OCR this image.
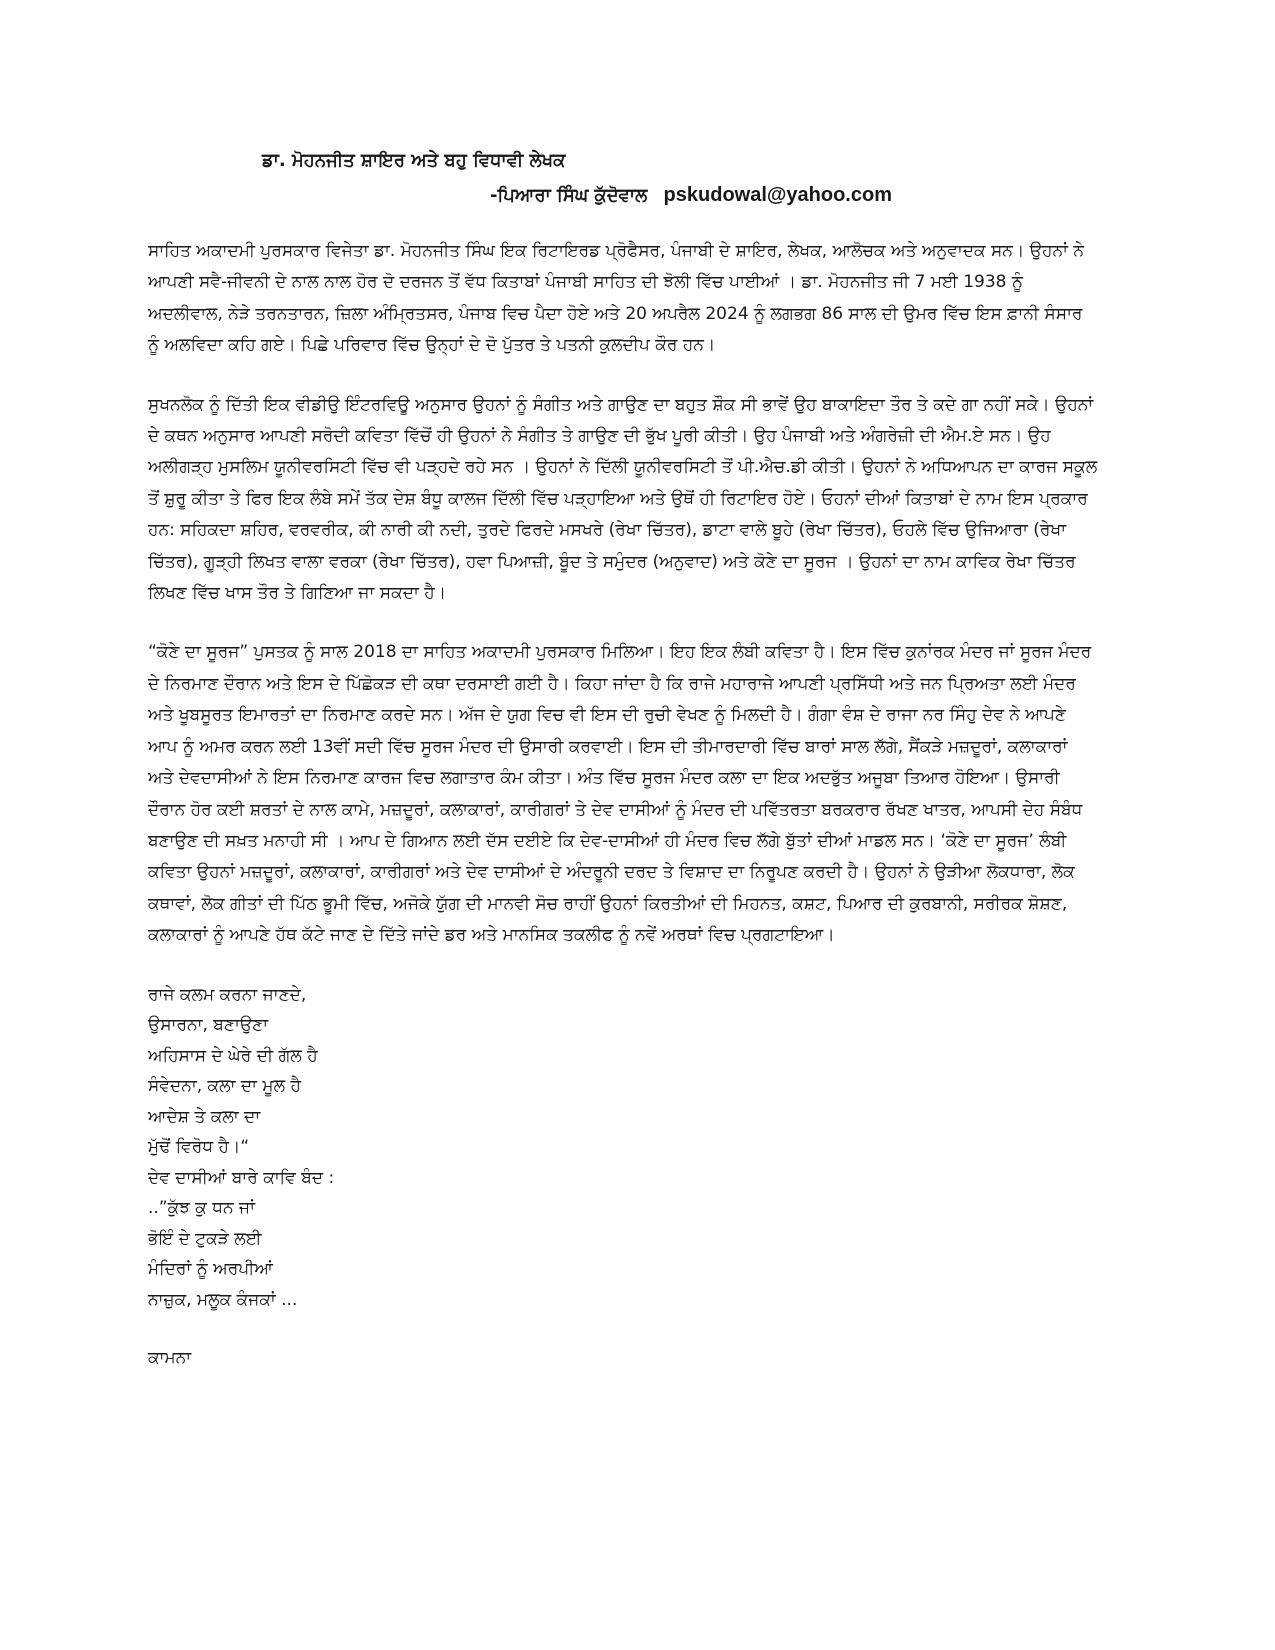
ਡਾ. ਮੋਹਨਜੀਤ ਸ਼ਾਇਰ ਅਤੇ ਬਹੁ ਵਿਧਾਵੀ ਲੇਖਕ
-ਪਿਆਰਾ ਸਿੰਘ ਕੁੱਦੋਵਾਲ pskudowal@yahoo.com

ਸਾਹਿਤ ਅਕਾਦਮੀ ਪੁਰਸਕਾਰ ਵਿਜੇਤਾ ਡਾ. ਮੋਹਨਜੀਤ ਸਿੰਘ ਇਕ ਰਿਟਾਇਰਡ ਪ੍ਰੋਫੈਸਰ, ਪੰਜਾਬੀ ਦੇ ਸ਼ਾਇਰ, ਲੇਖਕ, ਆਲੋਚਕ ਅਤੇ ਅਨੁਵਾਦਕ ਸਨ। ਉਹਨਾਂ ਨੇ ਆਪਣੀ ਸਵੈ-ਜੀਵਨੀ ਦੇ ਨਾਲ ਨਾਲ ਹੋਰ ਦੋ ਦਰਜਨ ਤੋਂ ਵੱਧ ਕਿਤਾਬਾਂ ਪੰਜਾਬੀ ਸਾਹਿਤ ਦੀ ਝੋਲੀ ਵਿੱਚ ਪਾਈਆਂ । ਡਾ. ਮੋਹਨਜੀਤ ਜੀ 7 ਮਈ 1938 ਨੂੰ ਅਦਲੀਵਾਲ, ਨੇੜੇ ਤਰਨਤਾਰਨ, ਜ਼ਿਲਾ ਅੰਮ੍ਰਿਤਸਰ, ਪੰਜਾਬ ਵਿਚ ਪੈਦਾ ਹੋਏ ਅਤੇ 20 ਅਪਰੈਲ 2024 ਨੂੰ ਲਗਭਗ 86 ਸਾਲ ਦੀ ਉਮਰ ਵਿੱਚ ਇਸ ਫ਼ਾਨੀ ਸੰਸਾਰ ਨੂੰ ਅਲਵਿਦਾ ਕਹਿ ਗਏ। ਪਿਛੇ ਪਰਿਵਾਰ ਵਿੱਚ ਉਨ੍ਹਾਂ ਦੇ ਦੋ ਪੁੱਤਰ ਤੇ ਪਤਨੀ ਕੁਲਦੀਪ ਕੌਰ ਹਨ।

ਸੁਖਨਲੋਕ ਨੂੰ ਦਿੱਤੀ ਇਕ ਵੀਡੀਉ ਇੰਟਰਵਿਊ ਅਨੁਸਾਰ ਉਹਨਾਂ ਨੂੰ ਸੰਗੀਤ ਅਤੇ ਗਾਉਣ ਦਾ ਬਹੁਤ ਸ਼ੌਕ ਸੀ ਭਾਵੇਂ ਉਹ ਬਾਕਾਇਦਾ ਤੌਰ ਤੇ ਕਦੇ ਗਾ ਨਹੀਂ ਸਕੇ। ਉਹਨਾਂ ਦੇ ਕਥਨ ਅਨੁਸਾਰ ਆਪਣੀ ਸਰੋਦੀ ਕਵਿਤਾ ਵਿੱਚੋਂ ਹੀ ਉਹਨਾਂ ਨੇ ਸੰਗੀਤ ਤੇ ਗਾਉਣ ਦੀ ਭੁੱਖ ਪੂਰੀ ਕੀਤੀ। ਉਹ ਪੰਜਾਬੀ ਅਤੇ ਅੰਗਰੇਜ਼ੀ ਦੀ ਐਮ.ਏ ਸਨ। ਉਹ ਅਲੀਗੜ੍ਹ ਮੁਸਲਿਮ ਯੂਨੀਵਰਸਿਟੀ ਵਿੱਚ ਵੀ ਪੜ੍ਹਦੇ ਰਹੇ ਸਨ । ਉਹਨਾਂ ਨੇ ਦਿੱਲੀ ਯੂਨੀਵਰਸਿਟੀ ਤੋਂ ਪੀ.ਐਚ.ਡੀ ਕੀਤੀ। ਉਹਨਾਂ ਨੇ ਅਧਿਆਪਨ ਦਾ ਕਾਰਜ ਸਕੂਲ ਤੋਂ ਸ਼ੁਰੂ ਕੀਤਾ ਤੇ ਫਿਰ ਇਕ ਲੰਬੇ ਸਮੇਂ ਤੱਕ ਦੇਸ਼ ਬੰਧੂ ਕਾਲਜ ਦਿੱਲੀ ਵਿੱਚ ਪੜ੍ਹਾਇਆ ਅਤੇ ਉਥੋਂ ਹੀ ਰਿਟਾਇਰ ਹੋਏ। ਓਹਨਾਂ ਦੀਆਂ ਕਿਤਾਬਾਂ ਦੇ ਨਾਮ ਇਸ ਪ੍ਰਕਾਰ ਹਨ: ਸਹਿਕਦਾ ਸ਼ਹਿਰ, ਵਰਵਰੀਕ, ਕੀ ਨਾਰੀ ਕੀ ਨਦੀ, ਤੁਰਦੇ ਫਿਰਦੇ ਮਸਖਰੇ (ਰੇਖਾ ਚਿੱਤਰ), ਡਾਟਾ ਵਾਲੇ ਬੂਹੇ (ਰੇਖਾ ਚਿੱਤਰ), ਓਹਲੇ ਵਿੱਚ ਉਜਿਆਰਾ (ਰੇਖਾ ਚਿੱਤਰ), ਗੂੜ੍ਹੀ ਲਿਖਤ ਵਾਲਾ ਵਰਕਾ (ਰੇਖਾ ਚਿੱਤਰ), ਹਵਾ ਪਿਆਜ਼ੀ, ਬੂੰਦ ਤੇ ਸਮੁੰਦਰ (ਅਨੁਵਾਦ) ਅਤੇ ਕੋਣੇ ਦਾ ਸੂਰਜ । ਉਹਨਾਂ ਦਾ ਨਾਮ ਕਾਵਿਕ ਰੇਖਾ ਚਿੱਤਰ ਲਿਖਣ ਵਿੱਚ ਖਾਸ ਤੌਰ ਤੇ ਗਿਣਿਆ ਜਾ ਸਕਦਾ ਹੈ।

“ਕੋਣੇ ਦਾ ਸੂਰਜ” ਪੁਸਤਕ ਨੂੰ ਸਾਲ 2018 ਦਾ ਸਾਹਿਤ ਅਕਾਦਮੀ ਪੁਰਸਕਾਰ ਮਿਲਿਆ। ਇਹ ਇਕ ਲੰਬੀ ਕਵਿਤਾ ਹੈ। ਇਸ ਵਿੱਚ ਕੁਨਾਂਰਕ ਮੰਦਰ ਜਾਂ ਸੂਰਜ ਮੰਦਰ ਦੇ ਨਿਰਮਾਣ ਦੌਰਾਨ ਅਤੇ ਇਸ ਦੇ ਪਿੱਛੋਕੜ ਦੀ ਕਥਾ ਦਰਸਾਈ ਗਈ ਹੈ। ਕਿਹਾ ਜਾਂਦਾ ਹੈ ਕਿ ਰਾਜੇ ਮਹਾਰਾਜੇ ਆਪਣੀ ਪ੍ਰਸਿੱਧੀ ਅਤੇ ਜਨ ਪ੍ਰਿਅਤਾ ਲਈ ਮੰਦਰ ਅਤੇ ਖੂਬਸੂਰਤ ਇਮਾਰਤਾਂ ਦਾ ਨਿਰਮਾਣ ਕਰਦੇ ਸਨ। ਅੱਜ ਦੇ ਯੁਗ ਵਿਚ ਵੀ ਇਸ ਦੀ ਰੁਚੀ ਵੇਖਣ ਨੂੰ ਮਿਲਦੀ ਹੈ। ਗੰਗਾ ਵੰਸ਼ ਦੇ ਰਾਜਾ ਨਰ ਸਿੰਹੁ ਦੇਵ ਨੇ ਆਪਣੇ ਆਪ ਨੂੰ ਅਮਰ ਕਰਨ ਲਈ 13ਵੀਂ ਸਦੀ ਵਿੱਚ ਸੂਰਜ ਮੰਦਰ ਦੀ ਉਸਾਰੀ ਕਰਵਾਈ। ਇਸ ਦੀ ਤੀਮਾਰਦਾਰੀ ਵਿੱਚ ਬਾਰਾਂ ਸਾਲ ਲੱਗੇ, ਸੈਂਕੜੇ ਮਜ਼ਦੂਰਾਂ, ਕਲਾਕਾਰਾਂ ਅਤੇ ਦੇਵਦਾਸੀਆਂ ਨੇ ਇਸ ਨਿਰਮਾਣ ਕਾਰਜ ਵਿਚ ਲਗਾਤਾਰ ਕੰਮ ਕੀਤਾ। ਅੰਤ ਵਿੱਚ ਸੂਰਜ ਮੰਦਰ ਕਲਾ ਦਾ ਇਕ ਅਦਭੁੱਤ ਅਜੂਬਾ ਤਿਆਰ ਹੋਇਆ। ਉਸਾਰੀ ਦੌਰਾਨ ਹੋਰ ਕਈ ਸ਼ਰਤਾਂ ਦੇ ਨਾਲ ਕਾਮੇ, ਮਜ਼ਦੂਰਾਂ, ਕਲਾਕਾਰਾਂ, ਕਾਰੀਗਰਾਂ ਤੇ ਦੇਵ ਦਾਸੀਆਂ ਨੂੰ ਮੰਦਰ ਦੀ ਪਵਿੱਤਰਤਾ ਬਰਕਰਾਰ ਰੱਖਣ ਖਾਤਰ, ਆਪਸੀ ਦੇਹ ਸੰਬੰਧ ਬਣਾਉਣ ਦੀ ਸਖ਼ਤ ਮਨਾਹੀ ਸੀ । ਆਪ ਦੇ ਗਿਆਨ ਲਈ ਦੱਸ ਦਈਏ ਕਿ ਦੇਵ-ਦਾਸੀਆਂ ਹੀ ਮੰਦਰ ਵਿਚ ਲੱਗੇ ਬੁੱਤਾਂ ਦੀਆਂ ਮਾਡਲ ਸਨ। ‘ਕੋਣੇ ਦਾ ਸੂਰਜ’ ਲੰਬੀ ਕਵਿਤਾ ਉਹਨਾਂ ਮਜ਼ਦੂਰਾਂ, ਕਲਾਕਾਰਾਂ, ਕਾਰੀਗਰਾਂ ਅਤੇ ਦੇਵ ਦਾਸੀਆਂ ਦੇ ਅੰਦਰੂਨੀ ਦਰਦ ਤੇ ਵਿਸ਼ਾਦ ਦਾ ਨਿਰੂਪਣ ਕਰਦੀ ਹੈ। ਉਹਨਾਂ ਨੇ ਉੜੀਆ ਲੋਕਧਾਰਾ, ਲੋਕ ਕਥਾਵਾਂ, ਲੋਕ ਗੀਤਾਂ ਦੀ ਪਿੱਠ ਭੂਮੀ ਵਿੱਚ, ਅਜੋਕੇ ਯੁੱਗ ਦੀ ਮਾਨਵੀ ਸੋਚ ਰਾਹੀਂ ਉਹਨਾਂ ਕਿਰਤੀਆਂ ਦੀ ਮਿਹਨਤ, ਕਸ਼ਟ, ਪਿਆਰ ਦੀ ਕੁਰਬਾਨੀ, ਸਰੀਰਕ ਸ਼ੋਸ਼ਣ, ਕਲਾਕਾਰਾਂ ਨੂੰ ਆਪਣੇ ਹੱਥ ਕੱਟੇ ਜਾਣ ਦੇ ਦਿੱਤੇ ਜਾਂਦੇ ਡਰ ਅਤੇ ਮਾਨਸਿਕ ਤਕਲੀਫ ਨੂੰ ਨਵੇਂ ਅਰਥਾਂ ਵਿਚ ਪ੍ਰਗਟਾਇਆ।

ਰਾਜੇ ਕਲਮ ਕਰਨਾ ਜਾਣਦੇ,
ਉਸਾਰਨਾ, ਬਣਾਉਣਾ
ਅਹਿਸਾਸ ਦੇ ਘੇਰੇ ਦੀ ਗੱਲ ਹੈ
ਸੰਵੇਦਨਾ, ਕਲਾ ਦਾ ਮੂਲ ਹੈ
ਆਦੇਸ਼ ਤੇ ਕਲਾ ਦਾ
ਮੁੱਢੋਂ ਵਿਰੋਧ ਹੈ।“
ਦੇਵ ਦਾਸੀਆਂ ਬਾਰੇ ਕਾਵਿ ਬੰਦ :
..”ਕੁੱਝ ਕੁ ਧਨ ਜਾਂ
ਭੋਇੰ ਦੇ ਟੁਕੜੇ ਲਈ
ਮੰਦਿਰਾਂ ਨੂੰ ਅਰਪੀਆਂ
ਨਾਜ਼ੁਕ, ਮਲੂਕ ਕੰਜਕਾਂ ...
ਕਾਮਨਾ
